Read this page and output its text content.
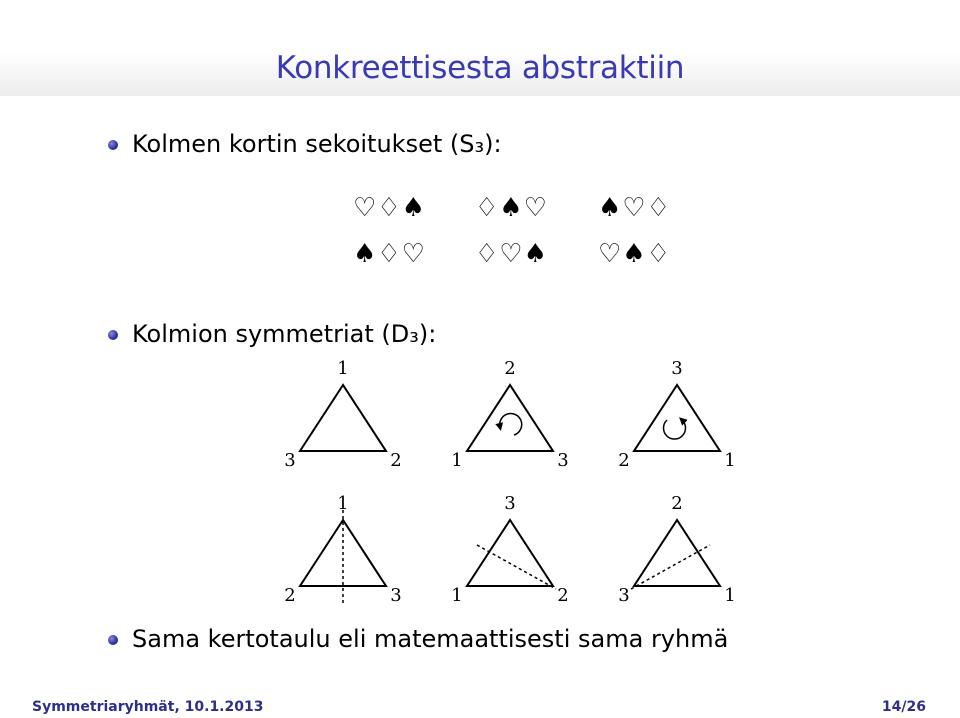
Konkreettisesta abstraktiin
Kolmen kortin sekoitukset (S₃):
♡♢♠ ♢♠♡ ♠♡♢
♠♢♡ ♢♡♠ ♡♠♢
Kolmion symmetriat (D₃):
1
3	2
2
1	3
3
2	1
1
2	3
3
1	2
2
3	1
Sama kertotaulu eli matemaattisesti sama ryhmä
Symmetriaryhmät, 10.1.2013	14/26
